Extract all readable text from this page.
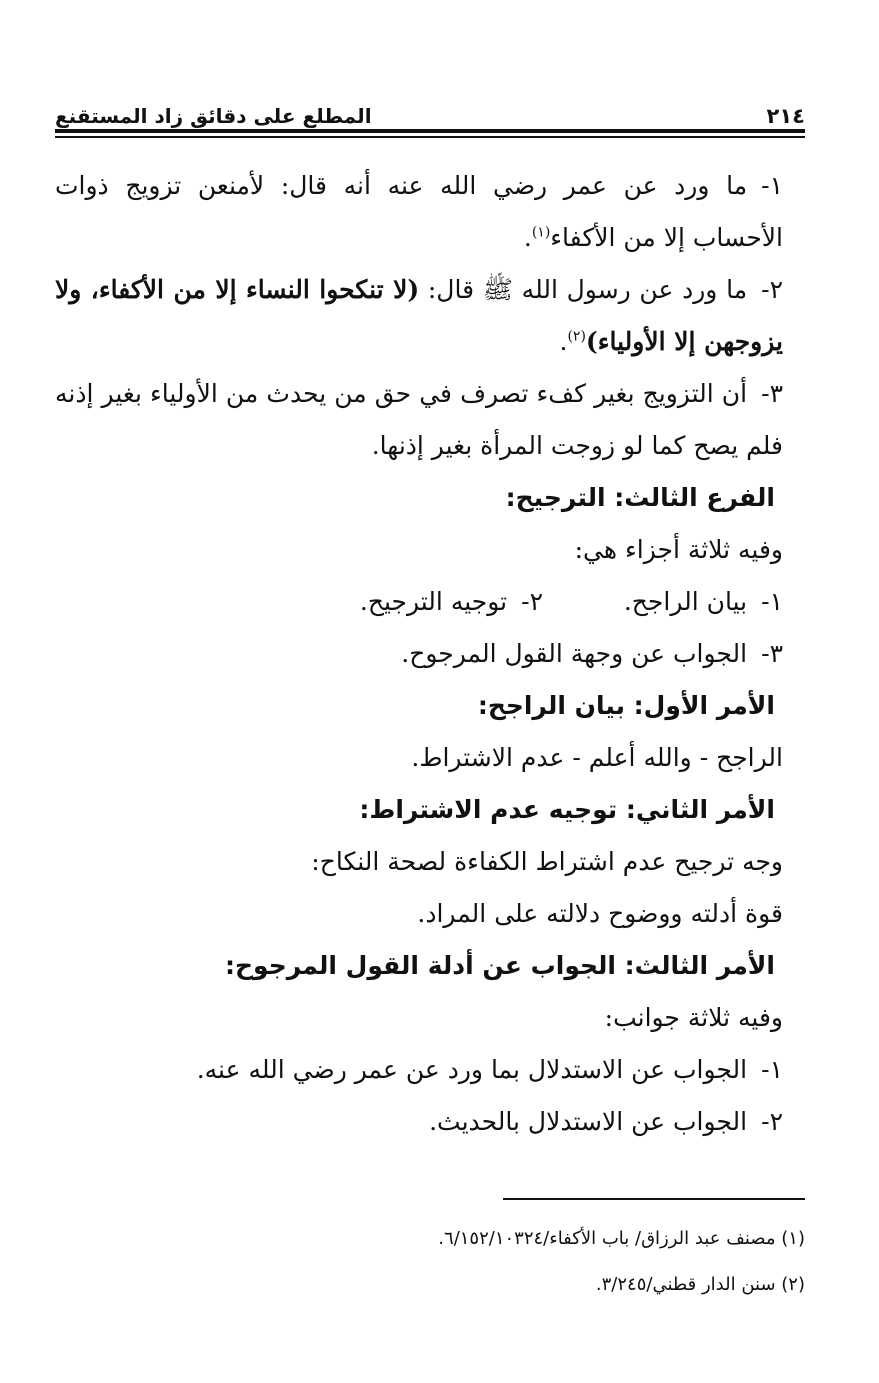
٢١٤
المطلع على دقائق زاد المستقنع

١-ما ورد عن عمر رضي الله عنه أنه قال: لأمنعن تزويج ذوات الأحساب إلا من الأكفاء$^{(١)}$.

٢-ما ورد عن رسول الله ﷺ قال: (لا تنكحوا النساء إلا من الأكفاء، ولا يزوجهن إلا الأولياء)$^{(٢)}$.

٣-أن التزويج بغير كفء تصرف في حق من يحدث من الأولياء بغير إذنه فلم يصح كما لو زوجت المرأة بغير إذنها.

الفرع الثالث: الترجيح:

وفيه ثلاثة أجزاء هي:

١-بيان الراجح.
٢-توجيه الترجيح.

٣-الجواب عن وجهة القول المرجوح.

الأمر الأول: بيان الراجح:

الراجح - والله أعلم - عدم الاشتراط.

الأمر الثاني: توجيه عدم الاشتراط:

وجه ترجيح عدم اشتراط الكفاءة لصحة النكاح:

قوة أدلته ووضوح دلالته على المراد.

الأمر الثالث: الجواب عن أدلة القول المرجوح:

وفيه ثلاثة جوانب:

١-الجواب عن الاستدلال بما ورد عن عمر رضي الله عنه.

٢-الجواب عن الاستدلال بالحديث.

(١) مصنف عبد الرزاق/ باب الأكفاء/٦/١٥٢/١٠٣٢٤.

(٢) سنن الدار قطني/٣/٢٤٥.
